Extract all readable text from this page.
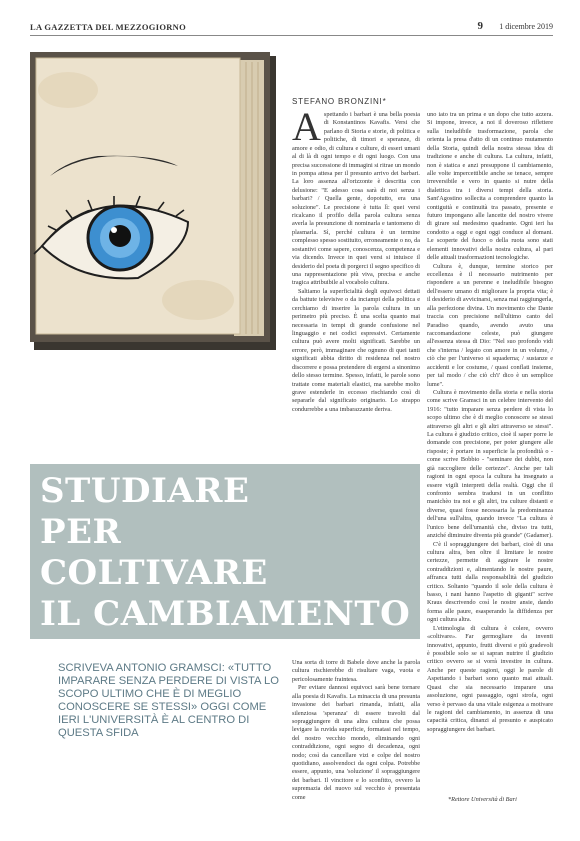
LA GAZZETTA DEL MEZZOGIORNO	9 1 dicembre 2019
STEFANO BRONZINI*
A spettando i barbari è una bella poesia di Konstantinos Kavafis. Versi che parlano di Storia e storie, di politica e politiche, di timori e speranze, di amore e odio, di cultura e culture, di esseri umani al di là di ogni tempo e di ogni luogo. Con una precisa successione di immagini si ritrae un mondo in pompa attesa per il presunto arrivo dei barbari. La loro assenza all'orizzonte è descritta con delusione: "E adesso cosa sarà di noi senza i barbari? / Quella gente, dopotutto, era una soluzione". Le precisione è tutta lì: quei versi ricalcano il profilo della parola cultura senza averla la presunzione di nominarla e tantomeno di plasmarla. Sì, perché cultura è un termine complesso spesso sostituito, erroneamente o no, da sostantivi come sapere, conoscenza, competenza e via dicendo. Invece in quei versi si intuisce il desiderio del poeta di porgerci il segno specifico di una rappresentazione più viva, precisa e anche tragica attribuibile al vocabolo cultura.

Saltiamo la superficialità degli equivoci dettati da battute televisive o da inciampi della politica e cerchiamo di inserire la parola cultura in un perimetro più preciso. È una scelta quanto mai necessaria in tempi di grande confusione nel linguaggio e nei codici espressivi. Certamente cultura può avere molti significati. Sarebbe un errore, però, immaginare che ognuno di quei tanti significati abbia diritto di residenza nel nostro discorrere e possa pretendere di ergersi a sinonimo dello stesso termine. Spesso, infatti, le parole sono trattate come materiali elastici, ma sarebbe molto grave estenderle in eccesso rischiando così di separarle dal significato originario. Lo strappo condurrebbe a una imbarazzante deriva.

uno iato tra un prima e un dopo che tutto azzera. Si impone, invece, a noi il doveroso riflettere sulla ineludibile trasformazione, parola che orienta la presa d'atto di un continuo mutamento della Storia, quindi della nostra stessa idea di tradizione e anche di cultura. La cultura, infatti, non è statica e anzi presuppone il cambiamento, alle volte impercettibile anche se tenace, sempre irreversibile e vero in quanto si nutre della dialettica tra i diversi tempi della storia. Sant'Agostino sollecita a comprendere quanto la contiguità e continuità tra passato, presente e futuro impongano alle lancette del nostro vivere di girare sul medesimo quadrante. Ogni ieri ha condotto a oggi e ogni oggi conduce al domani. Le scoperte del fuoco o della ruota sono stati elementi innovativi della nostra cultura, al pari delle attuali trasformazioni tecnologiche.

Cultura è, dunque, termine storico per eccellenza è il necessario nutrimento per rispondere a un perenne e ineludibile bisogno dell'essere umano di migliorare la propria vita; è il desiderio di avvicinarsi, senza mai raggiungerla, alla perfezione divina. Un movimento che Dante traccia con precisione nell'ultimo canto del Paradiso quando, avendo avuto una raccomandazione celeste, può giungere all'essenza stessa di Dio: "Nel suo profondo vidi che s'interna / legato con amore in un volume, / ciò che per l'universo si squaderna; / sustanze e accidenti e lor costume, / quasi conflati insieme, per tal modo / che ciò ch'i' dico è un semplice lume".

Cultura è movimento della storia e nella storia come scrive Gramsci in un celebre intervento del 1916: "tutto imparare senza perdere di vista lo scopo ultimo che è di meglio conoscere se stessi attraverso gli altri e gli altri attraverso se stessi". La cultura è giudizio critico, cioè il saper porre le domande con precisione, per poter giungere alle risposte; è portare in superficie la profondità o - come scrive Bobbio - "seminare dei dubbi, non già raccogliere delle certezze". Anche per tali ragioni in ogni epoca la cultura ha insegnato a essere vigili interpreti della realtà. Oggi che il confronto sembra tradursi in un conflitto manichèo tra noi e gli altri, tra culture distanti e diverse, quasi fosse necessaria la predominanza dell'una sull'altra, quando invece "La cultura è l'unico bene dell'umanità che, diviso tra tutti, anziché diminuire diventa più grande" (Gadamer).

C'è il sopraggiungere dei barbari, cioè di una cultura altra, ben oltre il limitare le nostre certezze, permette di aggirare le nostre contraddizioni e, alimentando le nostre paure, affranca tutti dalla responsabilità del giudizio critico. Soltanto "quando il sole della cultura è basso, i nani hanno l'aspetto di giganti" scrive Kraus descrivendo così le nostre ansie, dando forma alle paure, esasperando la diffidenza per ogni cultura altra.

L'etimologia di cultura è colere, ovvero «coltivare». Far germogliare da inventi innovativi, appunto, frutti diversi e più gradevoli è possibile solo se si sapran nutrire il giudizio critico ovvero se si vorrà investire in cultura. Anche per queste ragioni, oggi le parole di Aspettando i barbari sono quanto mai attuali. Quasi che sia necessario imparare una assoluzione, ogni passaggio, ogni strofa, ogni verso è pervaso da una vitale esigenza a motivare le ragioni del cambiamento, in assenza di una capacità critica, dinanzi al presunto e auspicato sopraggiungere dei barbari.

STUDIARE
PER
COLTIVARE
IL CAMBIAMENTO
SCRIVEVA ANTONIO GRAMSCI: «TUTTO IMPARARE SENZA PERDERE DI VISTA LO SCOPO ULTIMO CHE È DI MEGLIO CONOSCERE SE STESSI» OGGI COME IERI L'UNIVERSITÀ È AL CENTRO DI QUESTA SFIDA

Una sorta di torre di Babele dove anche la parola cultura rischierebbe di risultare vaga, vuota e pericolosamente fraintesa.

Per evitare dannosi equivoci sarà bene tornare alla poesia di Kavafis. La minaccia di una presunta invasione dei barbari rimanda, infatti, alla silenziosa 'speranza' di essere travolti dal sopraggiungere di una altra cultura che possa levigare la ruvida superficie, formatasi nel tempo, del nostro vecchio mondo, eliminando ogni contraddizione, ogni segno di decadenza, ogni nodo; così da cancellare vizi e colpe del nostro quotidiano, assolvendoci da ogni colpa. Potrebbe essere, appunto, una 'soluzione' il sopraggiungere dei barbari. Il vincitore e lo sconfitto, ovvero la supremazia del nuovo sul vecchio è presentata come	*Rettore Università di Bari
